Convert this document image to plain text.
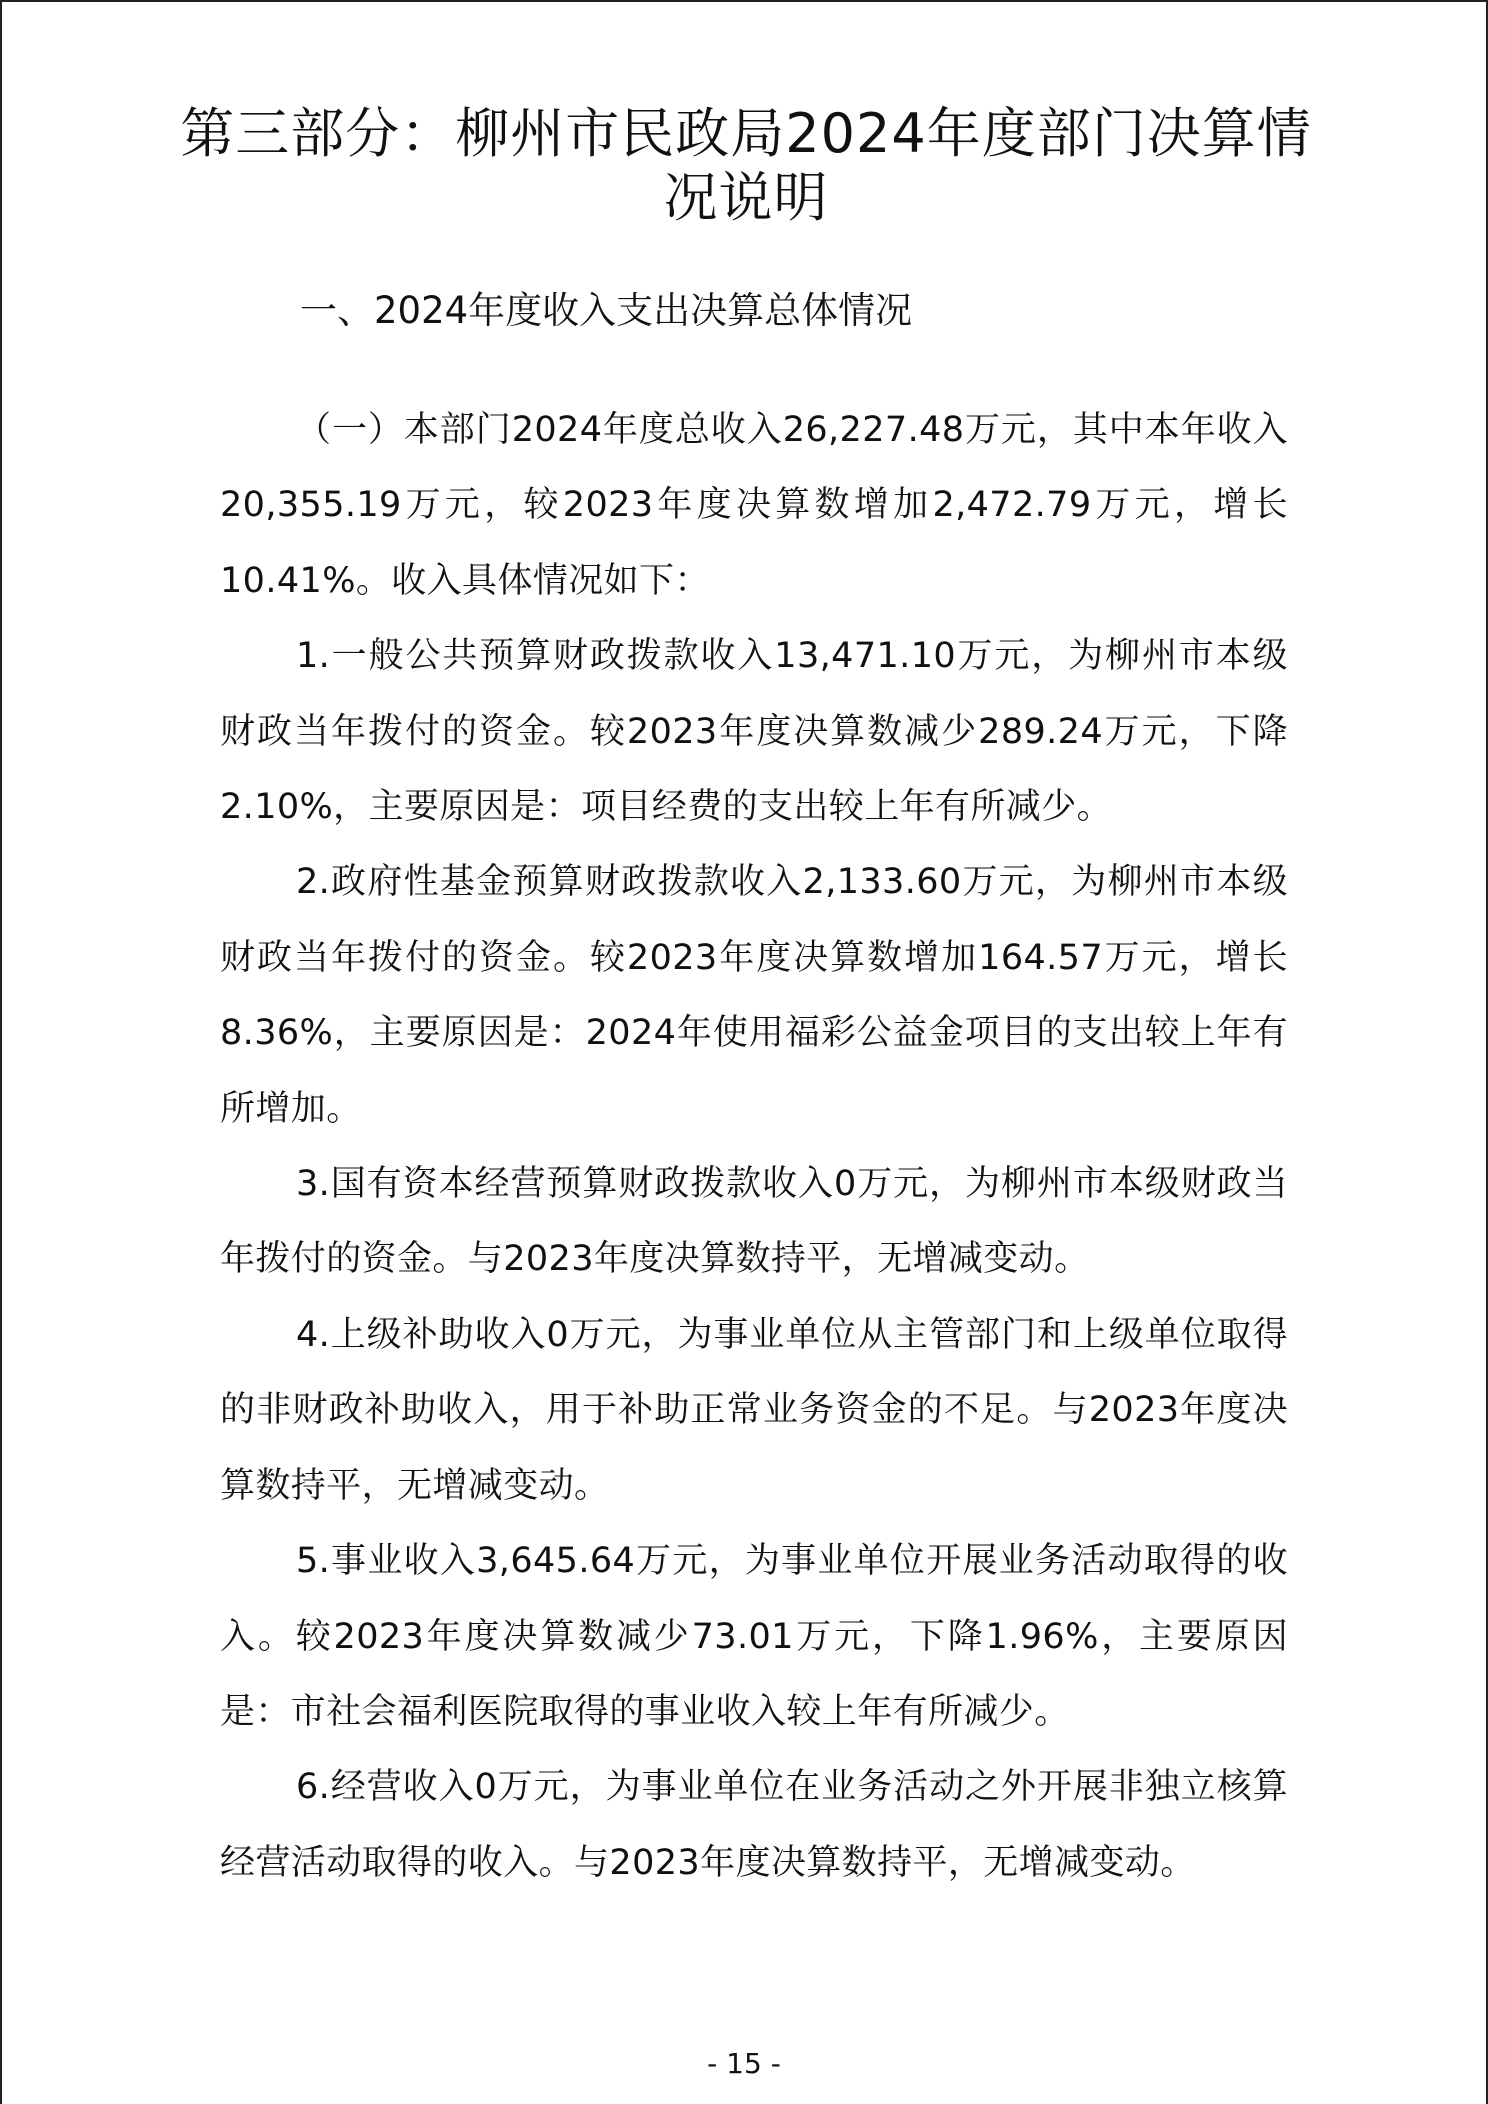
第三部分：柳州市民政局2024年度部门决算情况说明
一、2024年度收入支出决算总体情况

（一）本部门2024年度总收入26,227.48万元，其中本年收入20,355.19万元，较2023年度决算数增加2,472.79万元，增长10.41%。收入具体情况如下：

1.一般公共预算财政拨款收入13,471.10万元，为柳州市本级财政当年拨付的资金。较2023年度决算数减少289.24万元，下降2.10%，主要原因是：项目经费的支出较上年有所减少。

2.政府性基金预算财政拨款收入2,133.60万元，为柳州市本级财政当年拨付的资金。较2023年度决算数增加164.57万元，增长8.36%，主要原因是：2024年使用福彩公益金项目的支出较上年有所增加。

3.国有资本经营预算财政拨款收入0万元，为柳州市本级财政当年拨付的资金。与2023年度决算数持平，无增减变动。

4.上级补助收入0万元，为事业单位从主管部门和上级单位取得的非财政补助收入，用于补助正常业务资金的不足。与2023年度决算数持平，无增减变动。

5.事业收入3,645.64万元，为事业单位开展业务活动取得的收入。较2023年度决算数减少73.01万元，下降1.96%，主要原因是：市社会福利医院取得的事业收入较上年有所减少。

6.经营收入0万元，为事业单位在业务活动之外开展非独立核算经营活动取得的收入。与2023年度决算数持平，无增减变动。

- 15 -
